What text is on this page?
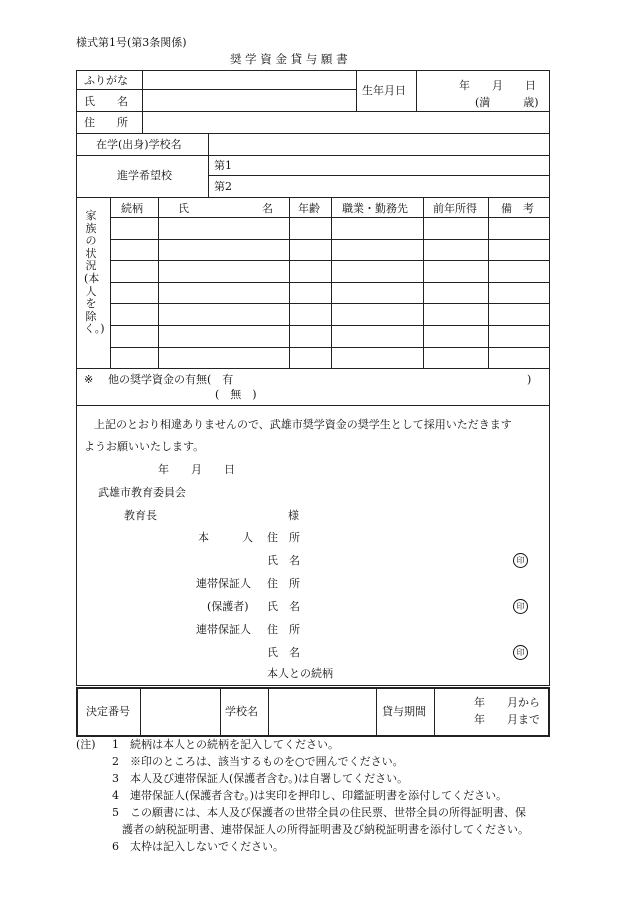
様式第1号(第3条関係)
奨 学 資 金 貸 与 願 書
ふりがな
氏　　名
生年月日	年　　月　　日
(満　　　歳)
住　　所
在学(出身)学校名
進学希望校
第1
第2
家族の状況(本人を除く。)
続柄	氏	名 年齢 職業・勤務先 前年所得 備　考
※ 他の奨学資金の有無(　有	)
(　無　)
上記のとおり相違ありませんので、武雄市奨学資金の奨学生として採用いただきます
ようお願いいたします。
年　　月　　日
武雄市教育委員会
教育長	様
本　　　人 住　所
氏　名	印
連帯保証人 住　所
(保護者) 氏　名	印
連帯保証人 住　所
氏　名	印
本人との続柄
決定番号	学校名	貸与期間
年　　月から
年　　月まで
(注) 1　続柄は本人との続柄を記入してください。
2　※印のところは、該当するものを○で囲んでください。
3　本人及び連帯保証人(保護者含む。)は自署してください。
4　連帯保証人(保護者含む。)は実印を押印し、印鑑証明書を添付してください。
5　この願書には、本人及び保護者の世帯全員の住民票、世帯全員の所得証明書、保
護者の納税証明書、連帯保証人の所得証明書及び納税証明書を添付してください。
6　太枠は記入しないでください。
